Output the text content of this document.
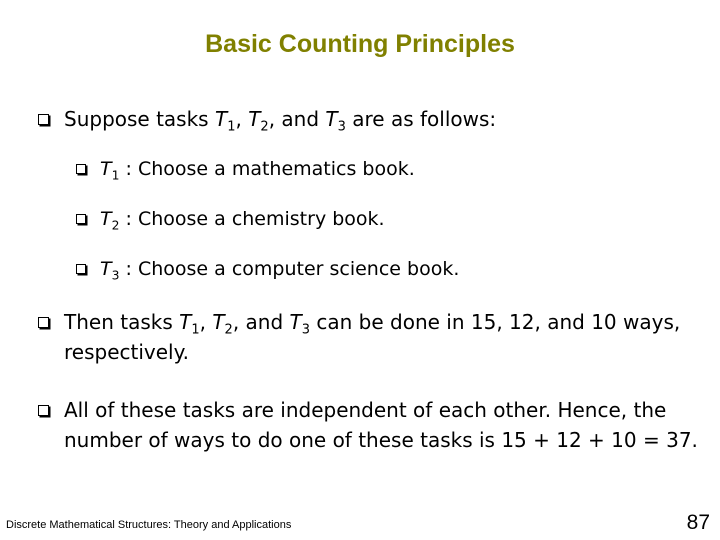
Basic Counting Principles
Suppose tasks $T_1$, $T_2$, and $T_3$ are as follows:
$T_1$ : Choose a mathematics book.
$T_2$ : Choose a chemistry book.
$T_3$ : Choose a computer science book.
Then tasks $T_1$, $T_2$, and $T_3$ can be done in 15, 12, and 10 ways, respectively.
All of these tasks are independent of each other. Hence, the number of ways to do one of these tasks is 15 + 12 + 10 = 37.
Discrete Mathematical Structures: Theory and Applications	87
